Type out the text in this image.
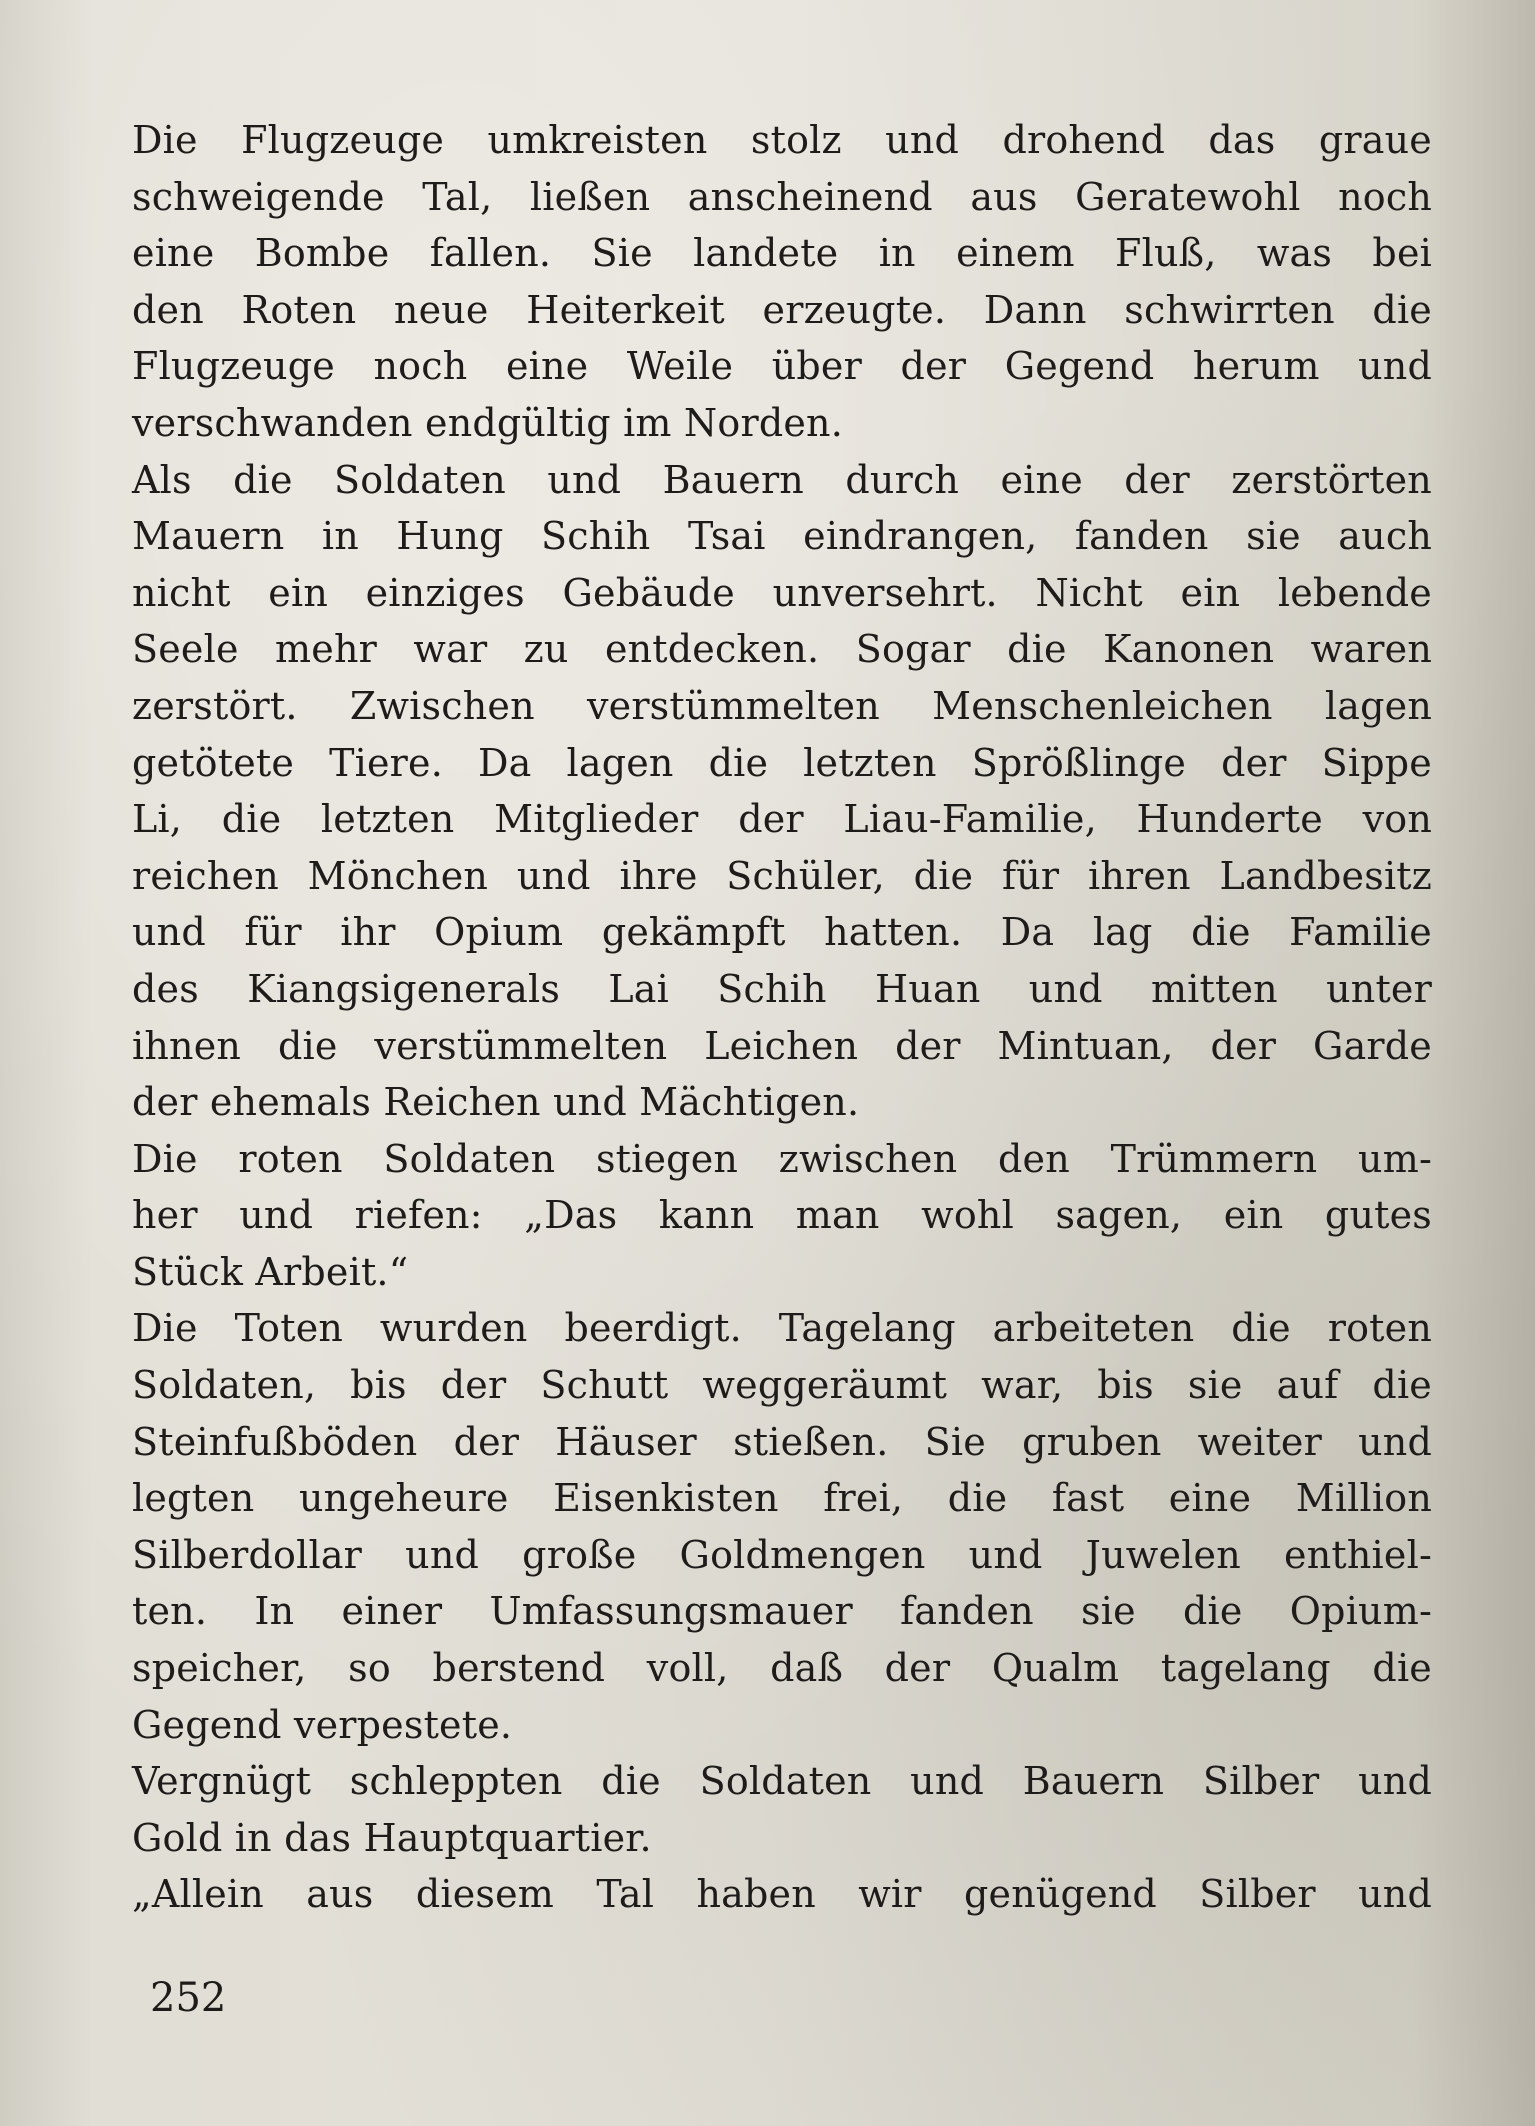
Die Flugzeuge umkreisten stolz und drohend das graue
schweigende Tal, ließen anscheinend aus Geratewohl noch
eine Bombe fallen. Sie landete in einem Fluß, was bei
den Roten neue Heiterkeit erzeugte. Dann schwirrten die
Flugzeuge noch eine Weile über der Gegend herum und
verschwanden endgültig im Norden.
Als die Soldaten und Bauern durch eine der zerstörten
Mauern in Hung Schih Tsai eindrangen, fanden sie auch
nicht ein einziges Gebäude unversehrt. Nicht ein lebende
Seele mehr war zu entdecken. Sogar die Kanonen waren
zerstört. Zwischen verstümmelten Menschenleichen lagen
getötete Tiere. Da lagen die letzten Sprößlinge der Sippe
Li, die letzten Mitglieder der Liau-Familie, Hunderte von
reichen Mönchen und ihre Schüler, die für ihren Landbesitz
und für ihr Opium gekämpft hatten. Da lag die Familie
des Kiangsigenerals Lai Schih Huan und mitten unter
ihnen die verstümmelten Leichen der Mintuan, der Garde
der ehemals Reichen und Mächtigen.
Die roten Soldaten stiegen zwischen den Trümmern um-
her und riefen: „Das kann man wohl sagen, ein gutes
Stück Arbeit.“
Die Toten wurden beerdigt. Tagelang arbeiteten die roten
Soldaten, bis der Schutt weggeräumt war, bis sie auf die
Steinfußböden der Häuser stießen. Sie gruben weiter und
legten ungeheure Eisenkisten frei, die fast eine Million
Silberdollar und große Goldmengen und Juwelen enthiel-
ten. In einer Umfassungsmauer fanden sie die Opium-
speicher, so berstend voll, daß der Qualm tagelang die
Gegend verpestete.
Vergnügt schleppten die Soldaten und Bauern Silber und
Gold in das Hauptquartier.
„Allein aus diesem Tal haben wir genügend Silber und
252
